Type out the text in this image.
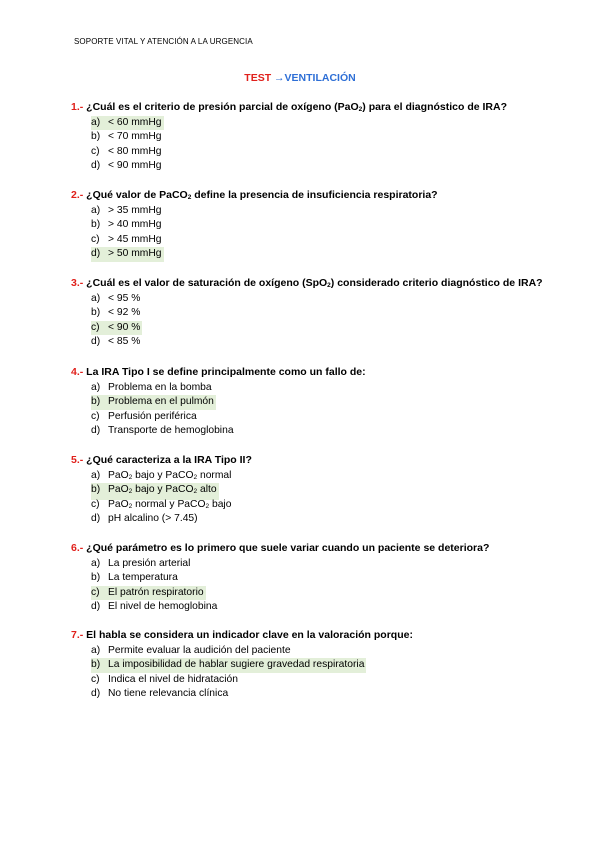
SOPORTE VITAL Y ATENCIÓN A LA URGENCIA
TEST →VENTILACIÓN
1.- ¿Cuál es el criterio de presión parcial de oxígeno (PaO2) para el diagnóstico de IRA?
a) < 60 mmHg
b) < 70 mmHg
c) < 80 mmHg
d) < 90 mmHg
2.- ¿Qué valor de PaCO2 define la presencia de insuficiencia respiratoria?
a) > 35 mmHg
b) > 40 mmHg
c) > 45 mmHg
d) > 50 mmHg
3.- ¿Cuál es el valor de saturación de oxígeno (SpO2) considerado criterio diagnóstico de IRA?
a) < 95 %
b) < 92 %
c) < 90 %
d) < 85 %
4.- La IRA Tipo I se define principalmente como un fallo de:
a) Problema en la bomba
b) Problema en el pulmón
c) Perfusión periférica
d) Transporte de hemoglobina
5.- ¿Qué caracteriza a la IRA Tipo II?
a) PaO2 bajo y PaCO2 normal
b) PaO2 bajo y PaCO2 alto
c) PaO2 normal y PaCO2 bajo
d) pH alcalino (> 7.45)
6.- ¿Qué parámetro es lo primero que suele variar cuando un paciente se deteriora?
a) La presión arterial
b) La temperatura
c) El patrón respiratorio
d) El nivel de hemoglobina
7.- El habla se considera un indicador clave en la valoración porque:
a) Permite evaluar la audición del paciente
b) La imposibilidad de hablar sugiere gravedad respiratoria
c) Indica el nivel de hidratación
d) No tiene relevancia clínica
